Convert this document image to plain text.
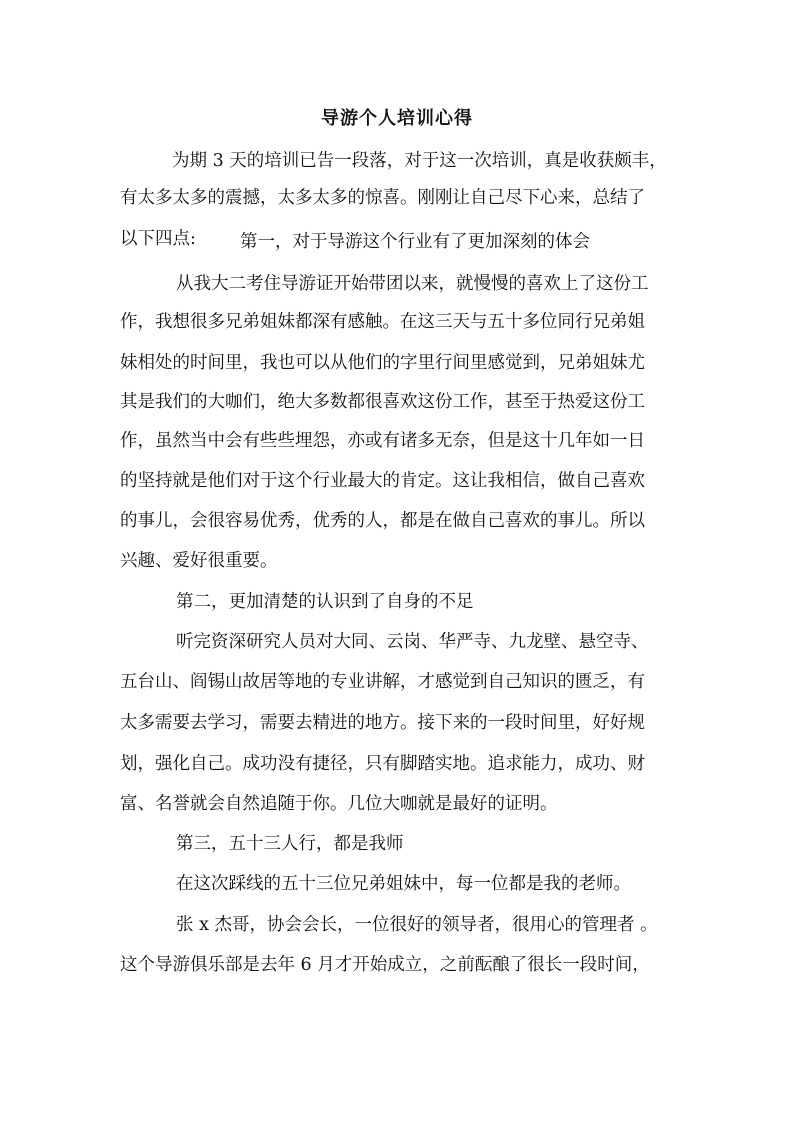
导游个人培训心得
为期 3 天的培训已告一段落，对于这一次培训，真是收获颇丰，
有太多太多的震撼，太多太多的惊喜。刚刚让自己尽下心来，总结了
以下四点:	第一，对于导游这个行业有了更加深刻的体会
从我大二考住导游证开始带团以来，就慢慢的喜欢上了这份工
作，我想很多兄弟姐妹都深有感触。在这三天与五十多位同行兄弟姐
妹相处的时间里，我也可以从他们的字里行间里感觉到，兄弟姐妹尤
其是我们的大咖们，绝大多数都很喜欢这份工作，甚至于热爱这份工
作，虽然当中会有些些埋怨，亦或有诸多无奈，但是这十几年如一日
的坚持就是他们对于这个行业最大的肯定。这让我相信，做自己喜欢
的事儿，会很容易优秀，优秀的人，都是在做自己喜欢的事儿。所以
兴趣、爱好很重要。
第二，更加清楚的认识到了自身的不足
听完资深研究人员对大同、云岗、华严寺、九龙壁、悬空寺、
五台山、阎锡山故居等地的专业讲解，才感觉到自己知识的匮乏，有
太多需要去学习，需要去精进的地方。接下来的一段时间里，好好规
划，强化自己。成功没有捷径，只有脚踏实地。追求能力，成功、财
富、名誉就会自然追随于你。几位大咖就是最好的证明。
第三，五十三人行，都是我师
在这次踩线的五十三位兄弟姐妹中，每一位都是我的老师。
张 x 杰哥，协会会长，一位很好的领导者，很用心的管理者 。
这个导游俱乐部是去年 6 月才开始成立，之前酝酿了很长一段时间，
